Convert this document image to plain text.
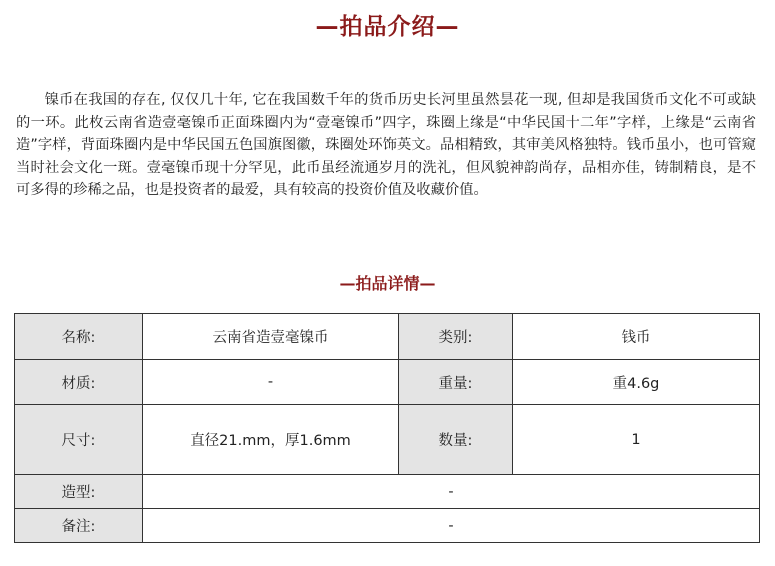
—拍品介绍—

镍币在我国的存在, 仅仅几十年, 它在我国数千年的货币历史长河里虽然昙花一现, 但却是我国货币文化不可或缺的一环。此枚云南省造壹毫镍币正面珠圈内为“壹毫镍币”四字，珠圈上缘是“中华民国十二年”字样，上缘是“云南省造”字样，背面珠圈内是中华民国五色国旗图徽，珠圈处环饰英文。品相精致，其审美风格独特。钱币虽小，也可管窥当时社会文化一斑。壹毫镍币现十分罕见，此币虽经流通岁月的洗礼，但风貌神韵尚存，品相亦佳，铸制精良，是不可多得的珍稀之品，也是投资者的最爱，具有较高的投资价值及收藏价值。

—拍品详情—
名称:	云南省造壹毫镍币	类别:	钱币
材质:	-	重量:	重4.6g
尺寸:	直径21.mm，厚1.6mm	数量:	1
造型:	-		
备注:	-		
